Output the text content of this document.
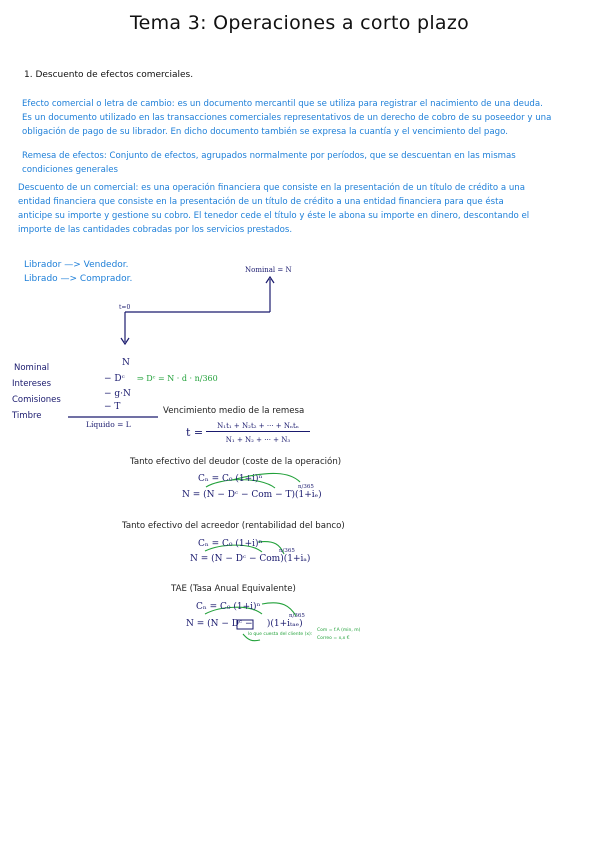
Tema 3: Operaciones a corto plazo
1. Descuento de efectos comerciales.

Efecto comercial o letra de cambio: es un documento mercantil que se utiliza para registrar el nacimiento de una deuda.

Es un documento utilizado en las transacciones comerciales representativos de un derecho de cobro de su poseedor y una

obligación de pago de su librador. En dicho documento también se expresa la cuantía y el vencimiento del pago.

Remesa de efectos: Conjunto de efectos, agrupados normalmente por períodos, que se descuentan en las mismas

condiciones generales

Descuento de un comercial: es una operación financiera que consiste en la presentación de un título de crédito a una

entidad financiera que consiste en la presentación de un título de crédito a una entidad financiera para que ésta

anticipe su importe y gestione su cobro. El tenedor cede el título y éste le abona su importe en dinero, descontando el

importe de las cantidades cobradas por los servicios prestados.

Librador —> Vendedor.
Librado —> Comprador.
Nominal = N
t=0
Nominal
Intereses
Comisiones
Timbre
N
− Dᶜ
− g·N
− T
⇒ Dᶜ = N · d · n/360
Líquido = L
Vencimiento medio de la remesa
t =	N₁t₁ + N₂t₂ + ··· + Nₙtₙ
N₁ + N₂ + ··· + N₃
Tanto efectivo del deudor (coste de la operación)
Cₙ = C₀ (1+i)ⁿ
N = (N − Dᶜ − Com − T)(1+iₑ)
n/365
Tanto efectivo del acreedor (rentabilidad del banco)
Cₙ = C₀ (1+i)ⁿ
N = (N − Dᶜ − Com)(1+iₐ)
n/365
TAE (Tasa Anual Equivalente)
Cₙ = C₀ (1+i)ⁿ
N = (N − Dᶜ −     )(1+iₜₐₑ)
n/365
lo que cuesta del cliente (x):
Com = f.A (min, m)
Correo = x,x €
